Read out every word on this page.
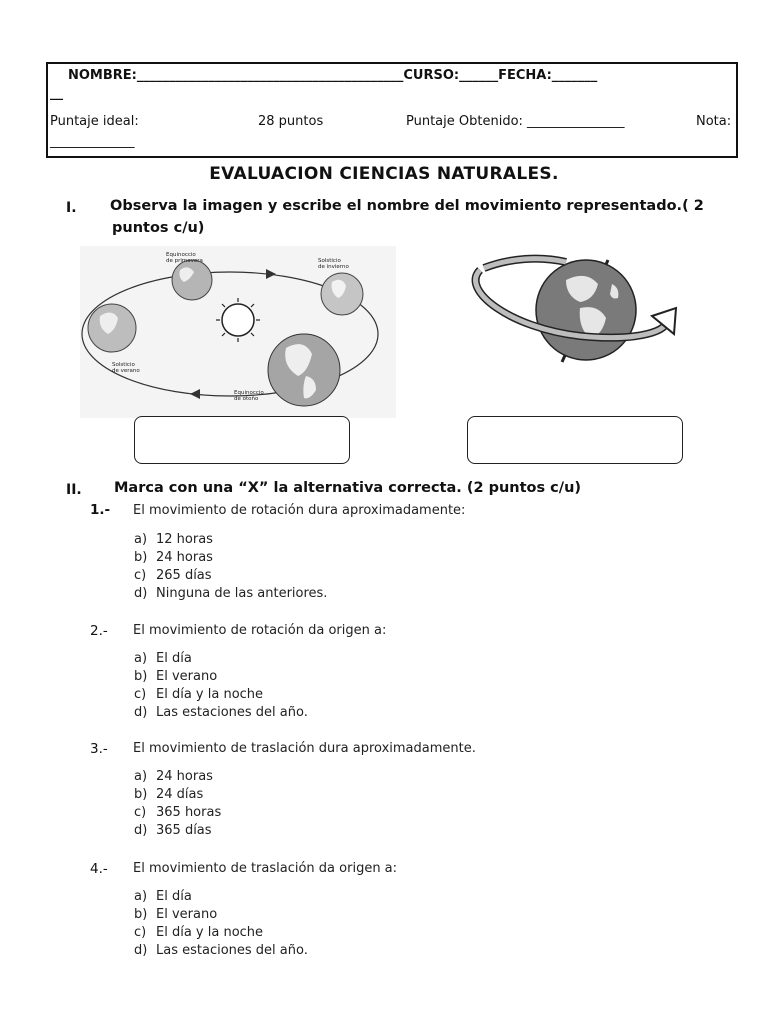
NOMBRE:_________________________________________CURSO:______FECHA:_______
__
Puntaje ideal:	28 puntos	Puntaje Obtenido: _______________	Nota:
_____________
EVALUACION CIENCIAS NATURALES.
I. Observa la imagen y escribe el nombre del movimiento representado.( 2
puntos c/u)
Equinoccio
de primavera	Solsticio
de invierno
Solsticio
de verano
Equinoccio
de otoño
II. Marca con una “X” la alternativa correcta. (2 puntos c/u)
1.- El movimiento de rotación dura aproximadamente:
a) 12 horas
b) 24 horas
c) 265 días
d) Ninguna de las anteriores.
2.- El movimiento de rotación da origen a:
a) El día
b) El verano
c) El día y la noche
d) Las estaciones del año.
3.- El movimiento de traslación dura aproximadamente.
a) 24 horas
b) 24 días
c) 365 horas
d) 365 días
4.- El movimiento de traslación da origen a:
a) El día
b) El verano
c) El día y la noche
d) Las estaciones del año.
